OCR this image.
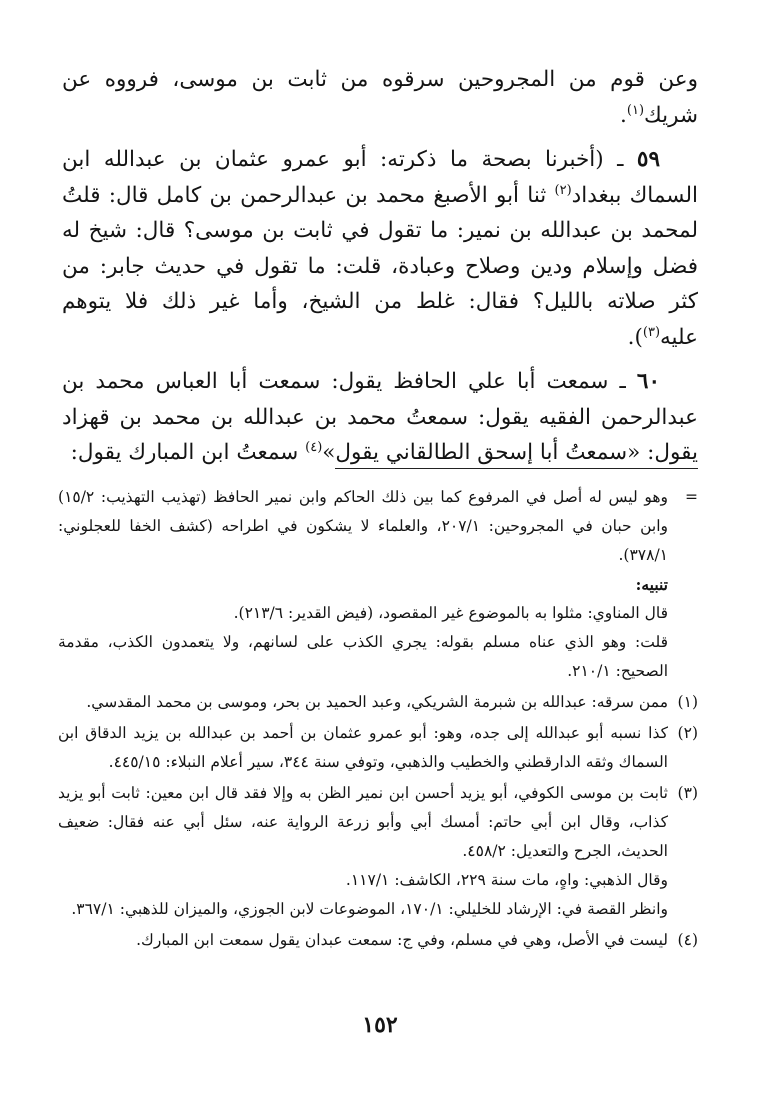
وعن قوم من المجروحين سرقوه من ثابت بن موسى، فرووه عن شريك$^{(١)}$.

٥٩ ـ (أخبرنا بصحة ما ذكرته: أبو عمرو عثمان بن عبدالله ابن السماك ببغداد$^{(٢)}$ ثنا أبو الأصبغ محمد بن عبدالرحمن بن كامل قال: قلتُ لمحمد بن عبدالله بن نمير: ما تقول في ثابت بن موسى؟ قال: شيخ له فضل وإسلام ودين وصلاح وعبادة، قلت: ما تقول في حديث جابر: من كثر صلاته بالليل؟ فقال: غلط من الشيخ، وأما غير ذلك فلا يتوهم عليه$^{(٣)}$).

٦٠ ـ سمعت أبا علي الحافظ يقول: سمعت أبا العباس محمد بن عبدالرحمن الفقيه يقول: سمعتُ محمد بن عبدالله بن محمد بن قهزاد يقول: «سمعتُ أبا إسحق الطالقاني يقول»$^{(٤)}$ سمعتُ ابن المبارك يقول:

=

وهو ليس له أصل في المرفوع كما بين ذلك الحاكم وابن نمير الحافظ (تهذيب التهذيب: ١٥/٢) وابن حبان في المجروحين: ٢٠٧/١، والعلماء لا يشكون في اطراحه (كشف الخفا للعجلوني: ٣٧٨/١).

تنبيه:

قال المناوي: مثلوا به بالموضوع غير المقصود، (فيض القدير: ٢١٣/٦).

قلت: وهو الذي عناه مسلم بقوله: يجري الكذب على لسانهم، ولا يتعمدون الكذب، مقدمة الصحيح: ٢١٠/١.

(١)

ممن سرقه: عبدالله بن شبرمة الشريكي، وعبد الحميد بن بحر، وموسى بن محمد المقدسي.

(٢)

كذا نسبه أبو عبدالله إلى جده، وهو: أبو عمرو عثمان بن أحمد بن عبدالله بن يزيد الدقاق ابن السماك وثقه الدارقطني والخطيب والذهبي، وتوفي سنة ٣٤٤، سير أعلام النبلاء: ٤٤٥/١٥.

(٣)

ثابت بن موسى الكوفي، أبو يزيد أحسن ابن نمير الظن به وإلا فقد قال ابن معين: ثابت أبو يزيد كذاب، وقال ابن أبي حاتم: أمسك أبي وأبو زرعة الرواية عنه، سئل أبي عنه فقال: ضعيف الحديث، الجرح والتعديل: ٤٥٨/٢.

وقال الذهبي: واهٍ، مات سنة ٢٢٩، الكاشف: ١١٧/١.

وانظر القصة في: الإرشاد للخليلي: ١٧٠/١، الموضوعات لابن الجوزي، والميزان للذهبي: ٣٦٧/١.

(٤)

ليست في الأصل، وهي في مسلم، وفي ج: سمعت عبدان يقول سمعت ابن المبارك.

١٥٢
